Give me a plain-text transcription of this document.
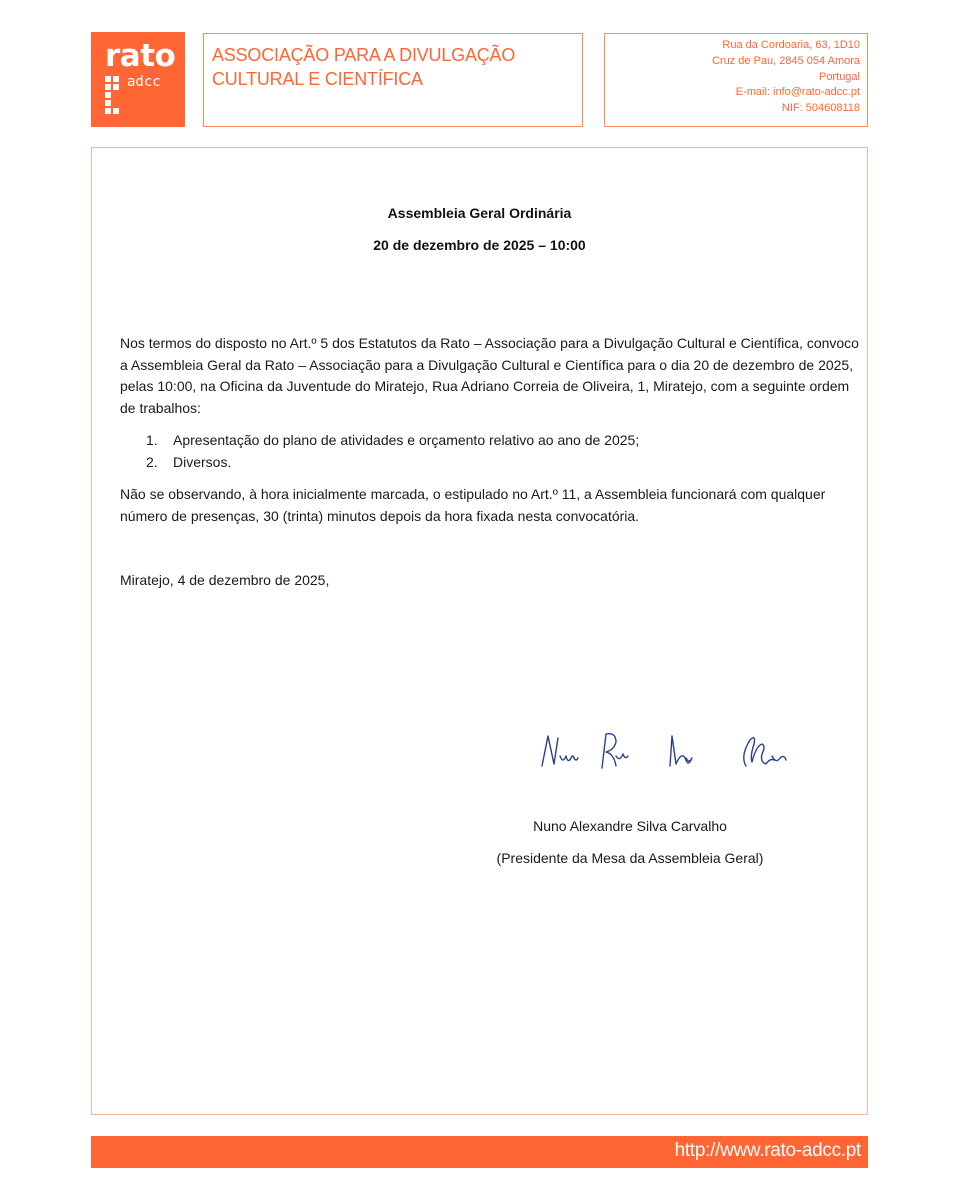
rato
adcc
ASSOCIAÇÃO PARA A DIVULGAÇÃO
CULTURAL E CIENTÍFICA
Rua da Cordoaria, 63, 1D10
Cruz de Pau, 2845 054 Amora
Portugal
E-mail: info@rato-adcc.pt
NIF: 504608118
Assembleia Geral Ordinária
20 de dezembro de 2025 – 10:00
Nos termos do disposto no Art.º 5 dos Estatutos da Rato – Associação para a Divulgação Cultural e Científica, convoco a Assembleia Geral da Rato – Associação para a Divulgação Cultural e Científica para o dia 20 de dezembro de 2025, pelas 10:00, na Oficina da Juventude do Miratejo, Rua Adriano Correia de Oliveira, 1, Miratejo, com a seguinte ordem de trabalhos:
1. Apresentação do plano de atividades e orçamento relativo ao ano de 2025;
2. Diversos.
Não se observando, à hora inicialmente marcada, o estipulado no Art.º 11, a Assembleia funcionará com qualquer número de presenças, 30 (trinta) minutos depois da hora fixada nesta convocatória.
Miratejo, 4 de dezembro de 2025,
Nuno Alexandre Silva Carvalho
(Presidente da Mesa da Assembleia Geral)
http://www.rato-adcc.pt
